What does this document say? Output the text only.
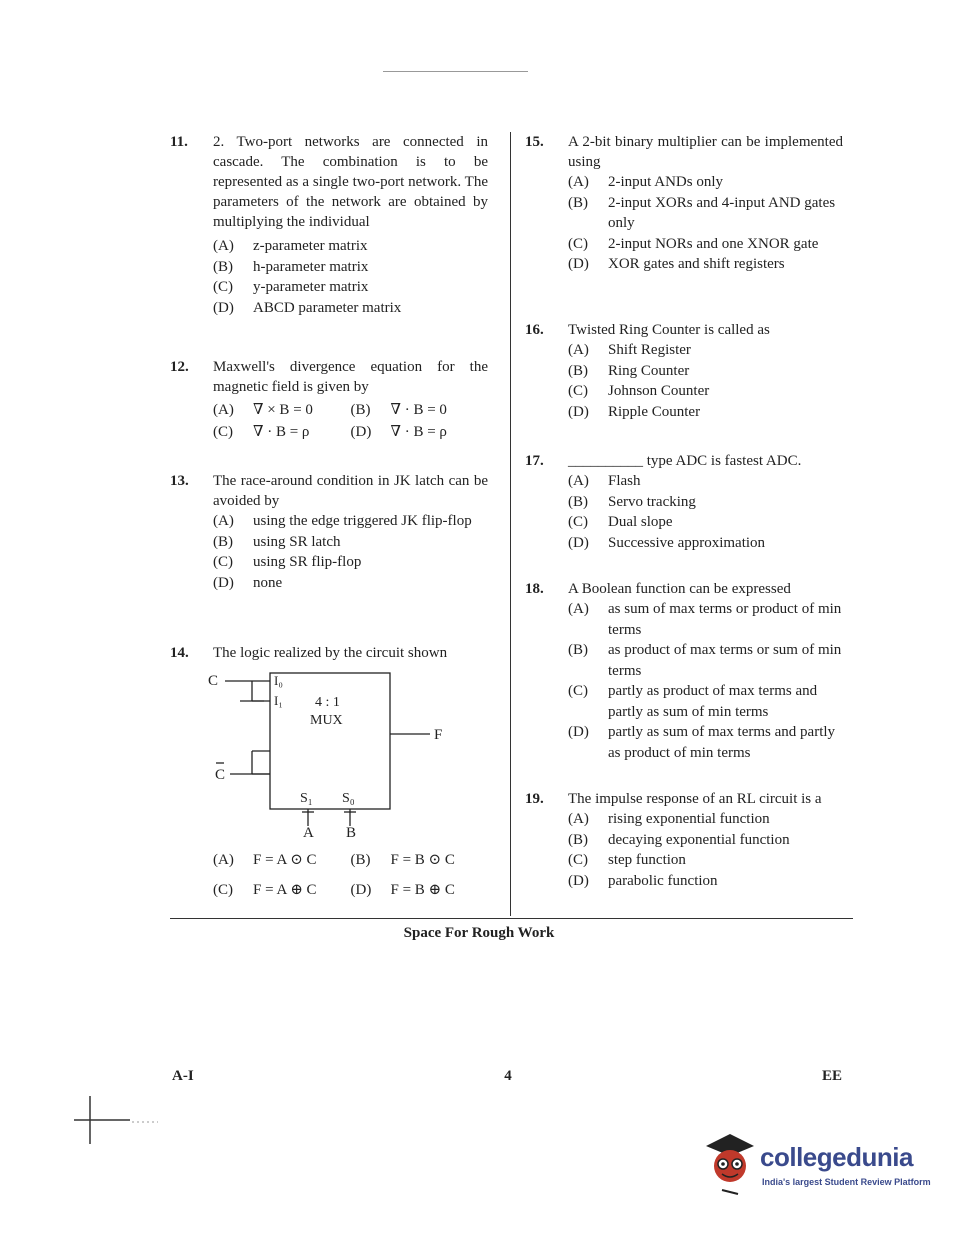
11. 2. Two-port networks are connected in cascade. The combination is to be represented as a single two-port network. The parameters of the network are obtained by multiplying the individual
(A)	z-parameter matrix
(B)	h-parameter matrix
(C)	y-parameter matrix
(D)	ABCD parameter matrix
12. Maxwell's divergence equation for the magnetic field is given by
(A)	∇ × B = 0	(B)	∇ · B = 0
(C)	∇ · B = ρ	(D)	∇ · B = ρ
13. The race-around condition in JK latch can be avoided by
(A)	using the edge triggered JK flip-flop
(B)	using SR latch
(C)	using SR flip-flop
(D)	none
14. The logic realized by the circuit shown
C
C
I₀
I₁ 4 : 1
MUX
F
S₁ S₀
A B
(A)	F = A ⊙ C (B)	F = B ⊙ C
(C)	F = A ⊕ C (D)	F = B ⊕ C
15. A 2-bit binary multiplier can be implemented using
(A)	2-input ANDs only
(B)	2-input XORs and 4-input AND gates only
(C)	2-input NORs and one XNOR gate
(D)	XOR gates and shift registers
16. Twisted Ring Counter is called as
(A)	Shift Register
(B)	Ring Counter
(C)	Johnson Counter
(D)	Ripple Counter
17. __________ type ADC is fastest ADC.
(A)	Flash
(B)	Servo tracking
(C)	Dual slope
(D)	Successive approximation
18. A Boolean function can be expressed
(A)	as sum of max terms or product of min terms
(B)	as product of max terms or sum of min terms
(C)	partly as product of max terms and partly as sum of min terms
(D)	partly as sum of max terms and partly as product of min terms
19. The impulse response of an RL circuit is a
(A)	rising exponential function
(B)	decaying exponential function
(C)	step function
(D)	parabolic function
Space For Rough Work
A-I	4	EE
collegedunia
India's largest Student Review Platform
